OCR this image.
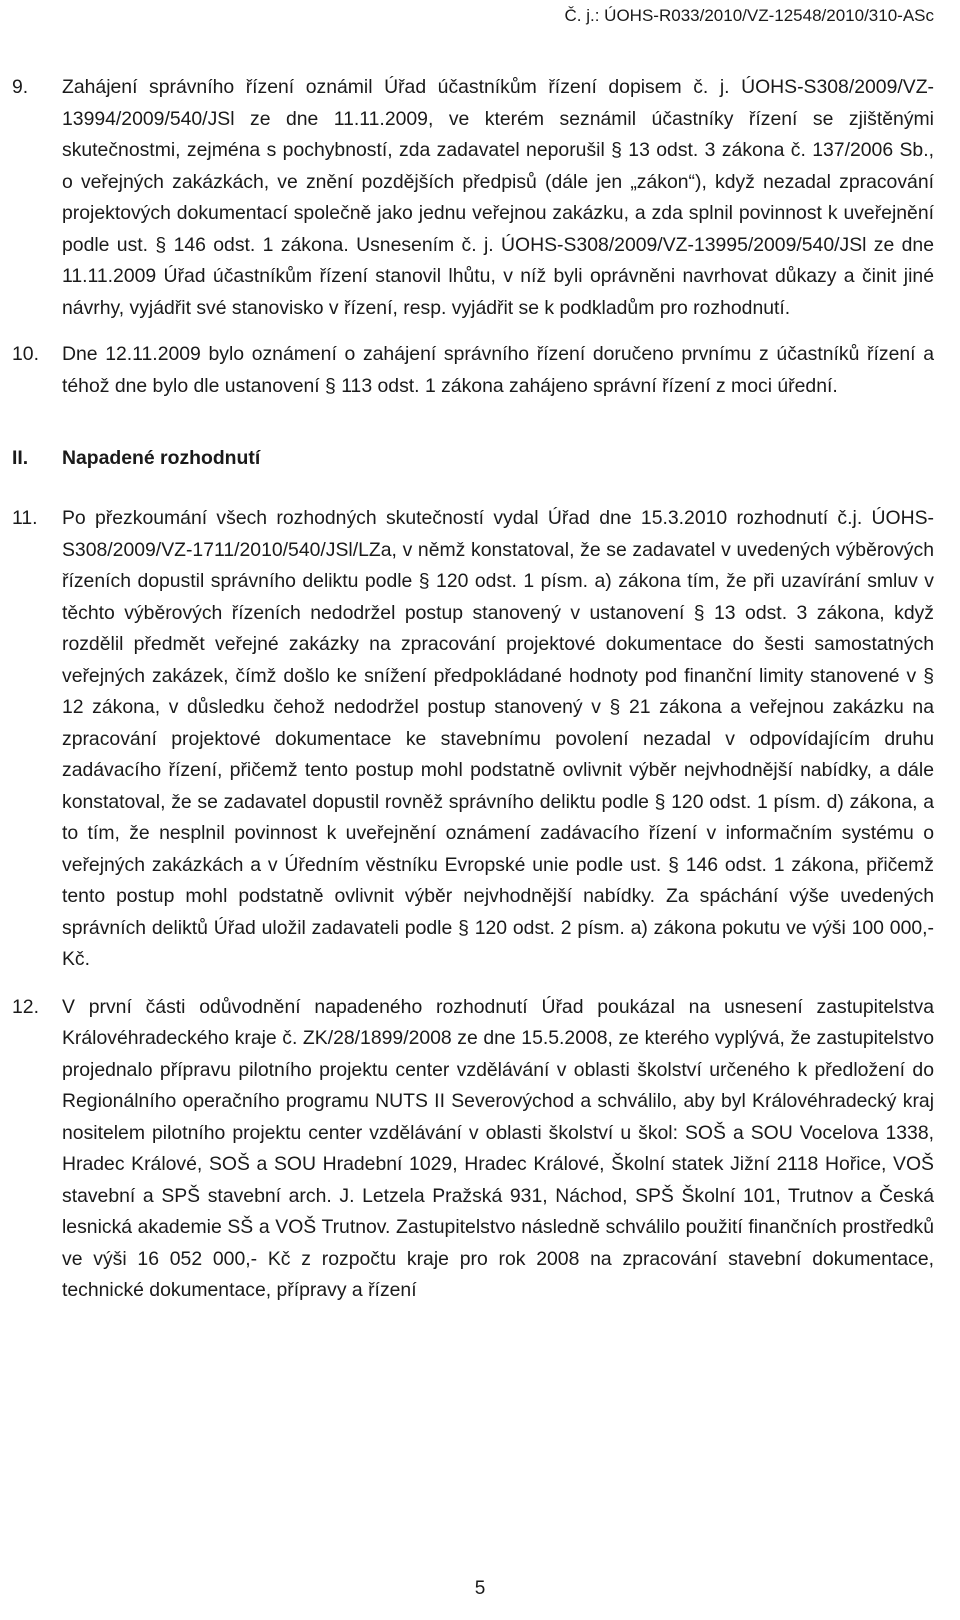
Č. j.: ÚOHS-R033/2010/VZ-12548/2010/310-ASc
9. Zahájení správního řízení oznámil Úřad účastníkům řízení dopisem č. j. ÚOHS-S308/2009/VZ-13994/2009/540/JSl ze dne 11.11.2009, ve kterém seznámil účastníky řízení se zjištěnými skutečnostmi, zejména s pochybností, zda zadavatel neporušil § 13 odst. 3 zákona č. 137/2006 Sb., o veřejných zakázkách, ve znění pozdějších předpisů (dále jen „zákon“), když nezadal zpracování projektových dokumentací společně jako jednu veřejnou zakázku, a zda splnil povinnost k uveřejnění podle ust. § 146 odst. 1 zákona. Usnesením č. j. ÚOHS-S308/2009/VZ-13995/2009/540/JSl ze dne 11.11.2009 Úřad účastníkům řízení stanovil lhůtu, v níž byli oprávněni navrhovat důkazy a činit jiné návrhy, vyjádřit své stanovisko v řízení, resp. vyjádřit se k podkladům pro rozhodnutí.
10. Dne 12.11.2009 bylo oznámení o zahájení správního řízení doručeno prvnímu z účastníků řízení a téhož dne bylo dle ustanovení § 113 odst. 1 zákona zahájeno správní řízení z moci úřední.
II. Napadené rozhodnutí
11. Po přezkoumání všech rozhodných skutečností vydal Úřad dne 15.3.2010 rozhodnutí č.j. ÚOHS-S308/2009/VZ-1711/2010/540/JSl/LZa, v němž konstatoval, že se zadavatel v uvedených výběrových řízeních dopustil správního deliktu podle § 120 odst. 1 písm. a) zákona tím, že při uzavírání smluv v těchto výběrových řízeních nedodržel postup stanovený v ustanovení § 13 odst. 3 zákona, když rozdělil předmět veřejné zakázky na zpracování projektové dokumentace do šesti samostatných veřejných zakázek, čímž došlo ke snížení předpokládané hodnoty pod finanční limity stanovené v § 12 zákona, v důsledku čehož nedodržel postup stanovený v § 21 zákona a veřejnou zakázku na zpracování projektové dokumentace ke stavebnímu povolení nezadal v odpovídajícím druhu zadávacího řízení, přičemž tento postup mohl podstatně ovlivnit výběr nejvhodnější nabídky, a dále konstatoval, že se zadavatel dopustil rovněž správního deliktu podle § 120 odst. 1 písm. d) zákona, a to tím, že nesplnil povinnost k uveřejnění oznámení zadávacího řízení v informačním systému o veřejných zakázkách a v Úředním věstníku Evropské unie podle ust. § 146 odst. 1 zákona, přičemž tento postup mohl podstatně ovlivnit výběr nejvhodnější nabídky. Za spáchání výše uvedených správních deliktů Úřad uložil zadavateli podle § 120 odst. 2 písm. a) zákona pokutu ve výši 100 000,- Kč.
12. V první části odůvodnění napadeného rozhodnutí Úřad poukázal na usnesení zastupitelstva Královéhradeckého kraje č. ZK/28/1899/2008 ze dne 15.5.2008, ze kterého vyplývá, že zastupitelstvo projednalo přípravu pilotního projektu center vzdělávání v oblasti školství určeného k předložení do Regionálního operačního programu NUTS II Severovýchod a schválilo, aby byl Královéhradecký kraj nositelem pilotního projektu center vzdělávání v oblasti školství u škol: SOŠ a SOU Vocelova 1338, Hradec Králové, SOŠ a SOU Hradební 1029, Hradec Králové, Školní statek Jižní 2118 Hořice, VOŠ stavební a SPŠ stavební arch. J. Letzela Pražská 931, Náchod, SPŠ Školní 101, Trutnov a Česká lesnická akademie SŠ a VOŠ Trutnov. Zastupitelstvo následně schválilo použití finančních prostředků ve výši 16 052 000,- Kč z rozpočtu kraje pro rok 2008 na zpracování stavební dokumentace, technické dokumentace, přípravy a řízení
5
